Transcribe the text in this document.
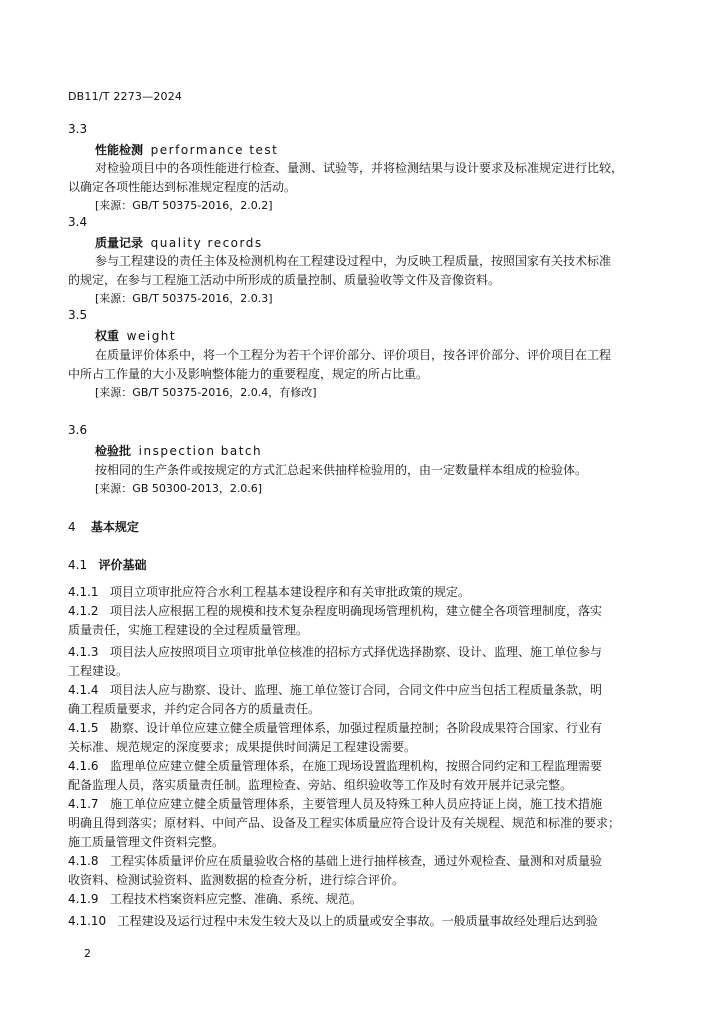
DB11/T 2273—2024
3.3
性能检测 performance test
对检验项目中的各项性能进行检查、量测、试验等，并将检测结果与设计要求及标准规定进行比较，
以确定各项性能达到标准规定程度的活动。
[来源：GB/T 50375-2016，2.0.2]
3.4
质量记录 quality records
参与工程建设的责任主体及检测机构在工程建设过程中，为反映工程质量，按照国家有关技术标准
的规定，在参与工程施工活动中所形成的质量控制、质量验收等文件及音像资料。
[来源：GB/T 50375-2016，2.0.3]
3.5
权重 weight
在质量评价体系中，将一个工程分为若干个评价部分、评价项目，按各评价部分、评价项目在工程
中所占工作量的大小及影响整体能力的重要程度，规定的所占比重。
[来源：GB/T 50375-2016，2.0.4，有修改]
3.6
检验批 inspection batch
按相同的生产条件或按规定的方式汇总起来供抽样检验用的，由一定数量样本组成的检验体。
[来源：GB 50300-2013，2.0.6]
4 基本规定
4.1 评价基础
4.1.1 项目立项审批应符合水利工程基本建设程序和有关审批政策的规定。
4.1.2 项目法人应根据工程的规模和技术复杂程度明确现场管理机构，建立健全各项管理制度，落实
质量责任，实施工程建设的全过程质量管理。
4.1.3 项目法人应按照项目立项审批单位核准的招标方式择优选择勘察、设计、监理、施工单位参与
工程建设。
4.1.4 项目法人应与勘察、设计、监理、施工单位签订合同，合同文件中应当包括工程质量条款，明
确工程质量要求，并约定合同各方的质量责任。
4.1.5 勘察、设计单位应建立健全质量管理体系，加强过程质量控制；各阶段成果符合国家、行业有
关标准、规范规定的深度要求；成果提供时间满足工程建设需要。
4.1.6 监理单位应建立健全质量管理体系，在施工现场设置监理机构，按照合同约定和工程监理需要
配备监理人员，落实质量责任制。监理检查、旁站、组织验收等工作及时有效开展并记录完整。
4.1.7 施工单位应建立健全质量管理体系，主要管理人员及特殊工种人员应持证上岗，施工技术措施
明确且得到落实；原材料、中间产品、设备及工程实体质量应符合设计及有关规程、规范和标准的要求；
施工质量管理文件资料完整。
4.1.8 工程实体质量评价应在质量验收合格的基础上进行抽样核查，通过外观检查、量测和对质量验
收资料、检测试验资料、监测数据的检查分析，进行综合评价。
4.1.9 工程技术档案资料应完整、准确、系统、规范。
4.1.10 工程建设及运行过程中未发生较大及以上的质量或安全事故。一般质量事故经处理后达到验
2
